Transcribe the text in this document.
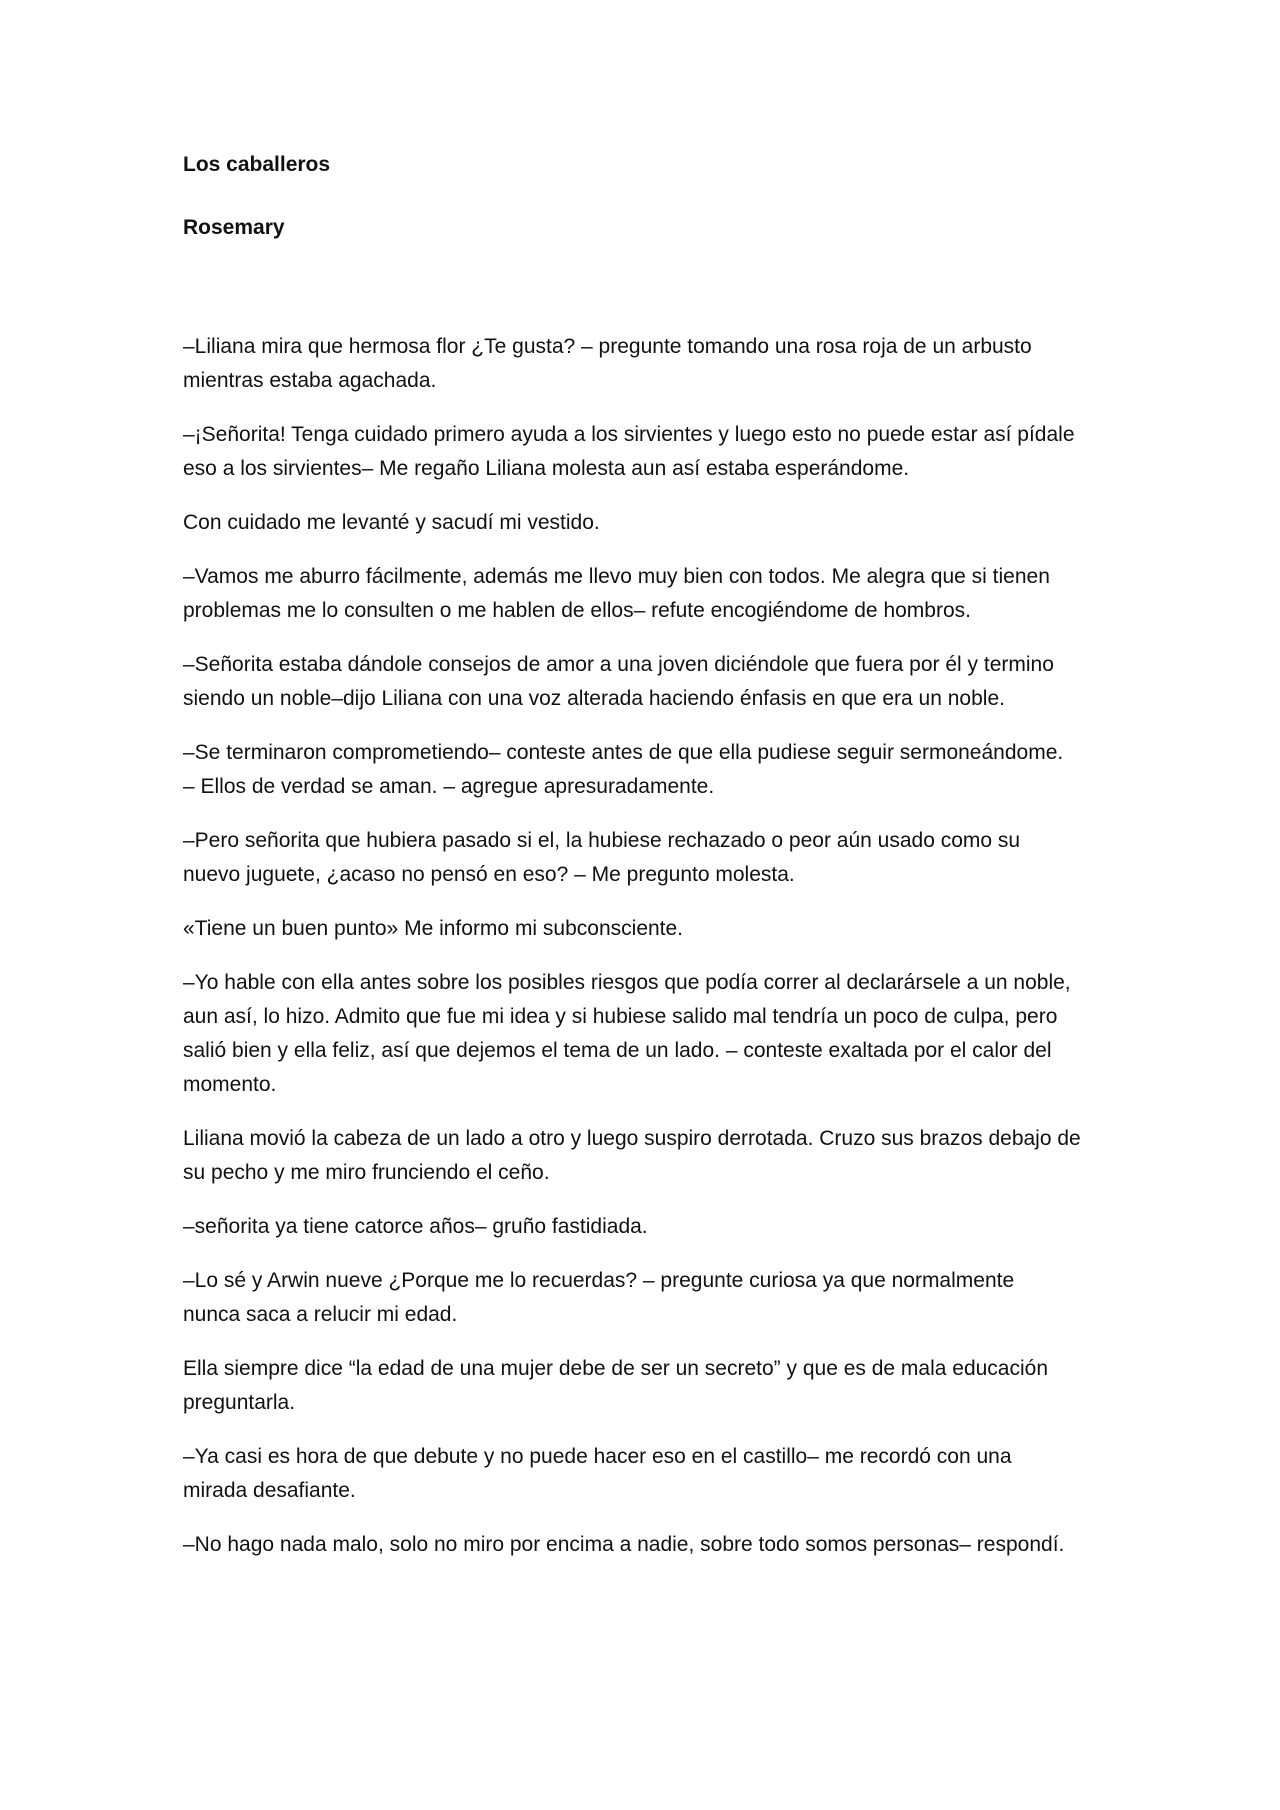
Los caballeros

Rosemary

–Liliana mira que hermosa flor ¿Te gusta? – pregunte tomando una rosa roja de un arbusto
mientras estaba agachada.

–¡Señorita! Tenga cuidado primero ayuda a los sirvientes y luego esto no puede estar así pídale
eso a los sirvientes– Me regaño Liliana molesta aun así estaba esperándome.

Con cuidado me levanté y sacudí mi vestido.

–Vamos me aburro fácilmente, además me llevo muy bien con todos. Me alegra que si tienen
problemas me lo consulten o me hablen de ellos– refute encogiéndome de hombros.

–Señorita estaba dándole consejos de amor a una joven diciéndole que fuera por él y termino
siendo un noble–dijo Liliana con una voz alterada haciendo énfasis en que era un noble.

–Se terminaron comprometiendo– conteste antes de que ella pudiese seguir sermoneándome.
– Ellos de verdad se aman. – agregue apresuradamente.

–Pero señorita que hubiera pasado si el, la hubiese rechazado o peor aún usado como su
nuevo juguete, ¿acaso no pensó en eso? – Me pregunto molesta.

«Tiene un buen punto» Me informo mi subconsciente.

–Yo hable con ella antes sobre los posibles riesgos que podía correr al declarársele a un noble,
aun así, lo hizo. Admito que fue mi idea y si hubiese salido mal tendría un poco de culpa, pero
salió bien y ella feliz, así que dejemos el tema de un lado. – conteste exaltada por el calor del
momento.

Liliana movió la cabeza de un lado a otro y luego suspiro derrotada. Cruzo sus brazos debajo de
su pecho y me miro frunciendo el ceño.

–señorita ya tiene catorce años– gruño fastidiada.

–Lo sé y Arwin nueve ¿Porque me lo recuerdas? – pregunte curiosa ya que normalmente
nunca saca a relucir mi edad.

Ella siempre dice “la edad de una mujer debe de ser un secreto” y que es de mala educación
preguntarla.

–Ya casi es hora de que debute y no puede hacer eso en el castillo– me recordó con una
mirada desafiante.

–No hago nada malo, solo no miro por encima a nadie, sobre todo somos personas– respondí.
